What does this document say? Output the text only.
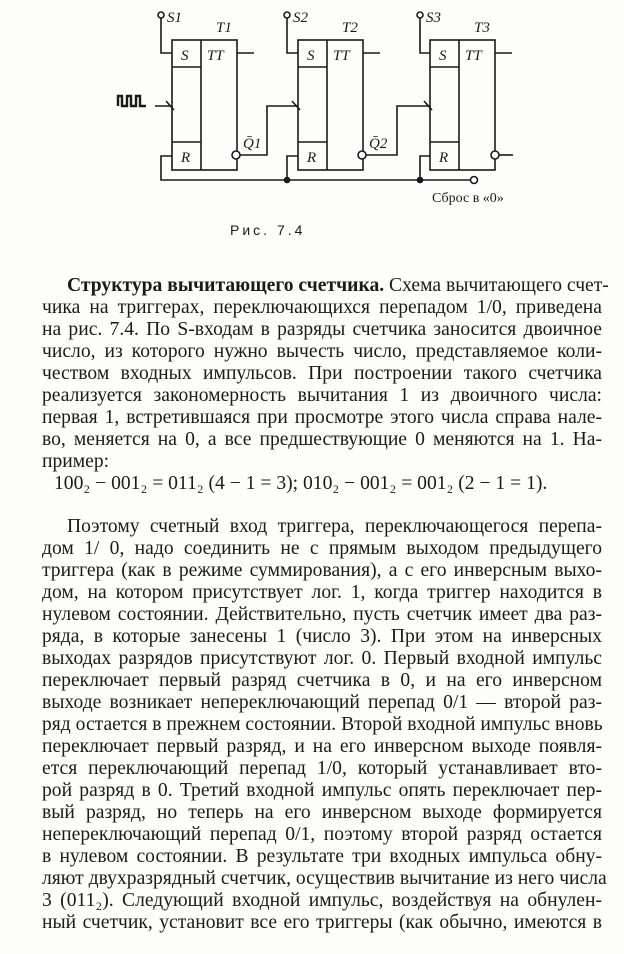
S1	S2	S3
T1	T2	T3
S	S	S
TT	TT	TT
R	R	R
Q̄1	Q̄2
Сброс в «0»
Рис. 7.4
Структура вычитающего счетчика. Схема вычитающего счет-
чика на триггерах, переключающихся перепадом 1/0, приведена
на рис. 7.4. По S-входам в разряды счетчика заносится двоичное
число, из которого нужно вычесть число, представляемое коли-
чеством входных импульсов. При построении такого счетчика
реализуется закономерность вычитания 1 из двоичного числа:
первая 1, встретившаяся при просмотре этого числа справа нале-
во, меняется на 0, а все предшествующие 0 меняются на 1. На-
пример:
100₂ − 001₂ = 011₂ (4 − 1 = 3); 010₂ − 001₂ = 001₂ (2 − 1 = 1).
Поэтому счетный вход триггера, переключающегося перепа-
дом 1/ 0, надо соединить не с прямым выходом предыдущего
триггера (как в режиме суммирования), а с его инверсным выхо-
дом, на котором присутствует лог. 1, когда триггер находится в
нулевом состоянии. Действительно, пусть счетчик имеет два раз-
ряда, в которые занесены 1 (число 3). При этом на инверсных
выходах разрядов присутствуют лог. 0. Первый входной импульс
переключает первый разряд счетчика в 0, и на его инверсном
выходе возникает непереключающий перепад 0/1 — второй раз-
ряд остается в прежнем состоянии. Второй входной импульс вновь
переключает первый разряд, и на его инверсном выходе появля-
ется переключающий перепад 1/0, который устанавливает вто-
рой разряд в 0. Третий входной импульс опять переключает пер-
вый разряд, но теперь на его инверсном выходе формируется
непереключающий перепад 0/1, поэтому второй разряд остается
в нулевом состоянии. В результате три входных импульса обну-
ляют двухразрядный счетчик, осуществив вычитание из него числа
3 (011₂). Следующий входной импульс, воздействуя на обнулен-
ный счетчик, установит все его триггеры (как обычно, имеются в
